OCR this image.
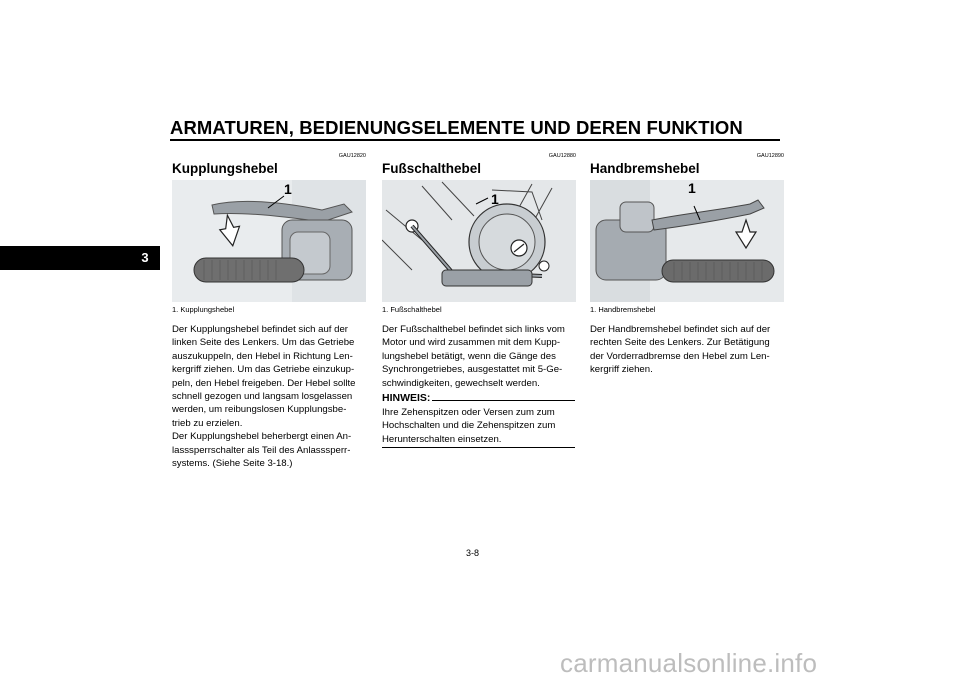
ARMATUREN, BEDIENUNGSELEMENTE UND DEREN FUNKTION
3
GAU12820
Kupplungshebel
1
1. Kupplungshebel
Der Kupplungshebel befindet sich auf der
linken Seite des Lenkers. Um das Getriebe
auszukuppeln, den Hebel in Richtung Len-
kergriff ziehen. Um das Getriebe einzukup-
peln, den Hebel freigeben. Der Hebel sollte
schnell gezogen und langsam losgelassen
werden, um reibungslosen Kupplungsbe-
trieb zu erzielen.
Der Kupplungshebel beherbergt einen An-
lasssperrschalter als Teil des Anlasssperr-
systems. (Siehe Seite 3-18.)
GAU12880
Fußschalthebel
1
1. Fußschalthebel
Der Fußschalthebel befindet sich links vom
Motor und wird zusammen mit dem Kupp-
lungshebel betätigt, wenn die Gänge des
Synchrongetriebes, ausgestattet mit 5-Ge-
schwindigkeiten, gewechselt werden.
HINWEIS:
Ihre Zehenspitzen oder Versen zum zum
Hochschalten und die Zehenspitzen zum
Herunterschalten einsetzen.
GAU12890
Handbremshebel
1
1. Handbremshebel
Der Handbremshebel befindet sich auf der
rechten Seite des Lenkers. Zur Betätigung
der Vorderradbremse den Hebel zum Len-
kergriff ziehen.
3-8
carmanualsonline.info
